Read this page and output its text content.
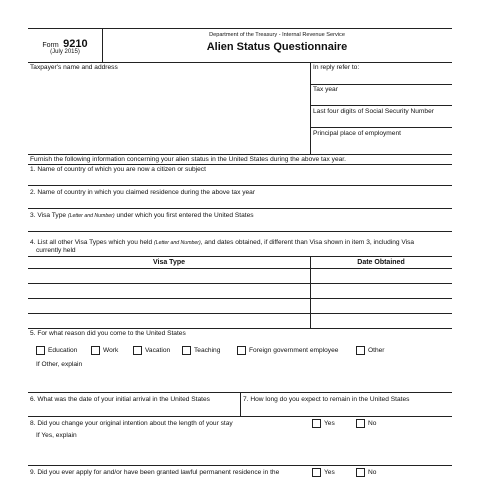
Form 9210
(July 2015)
Department of the Treasury - Internal Revenue Service
Alien Status Questionnaire
Taxpayer's name and address	In reply refer to:
Tax year
Last four digits of Social Security Number
Principal place of employment
Furnish the following information concerning your alien status in the United States during the above tax year.
1. Name of country of which you are now a citizen or subject
2. Name of country in which you claimed residence during the above tax year
3. Visa Type (Letter and Number) under which you first entered the United States
4. List all other Visa Types which you held (Letter and Number), and dates obtained, if different than Visa shown in item 3, including Visa
currently held
Visa Type	Date Obtained
5. For what reason did you come to the United States
Education	Work	Vacation	Teaching	Foreign government employee	Other
If Other, explain
6. What was the date of your initial arrival in the United States	7. How long do you expect to remain in the United States
8. Did you change your original intention about the length of your stay	Yes	No
If Yes, explain
9. Did you ever apply for and/or have been granted lawful permanent residence in the	Yes	No
